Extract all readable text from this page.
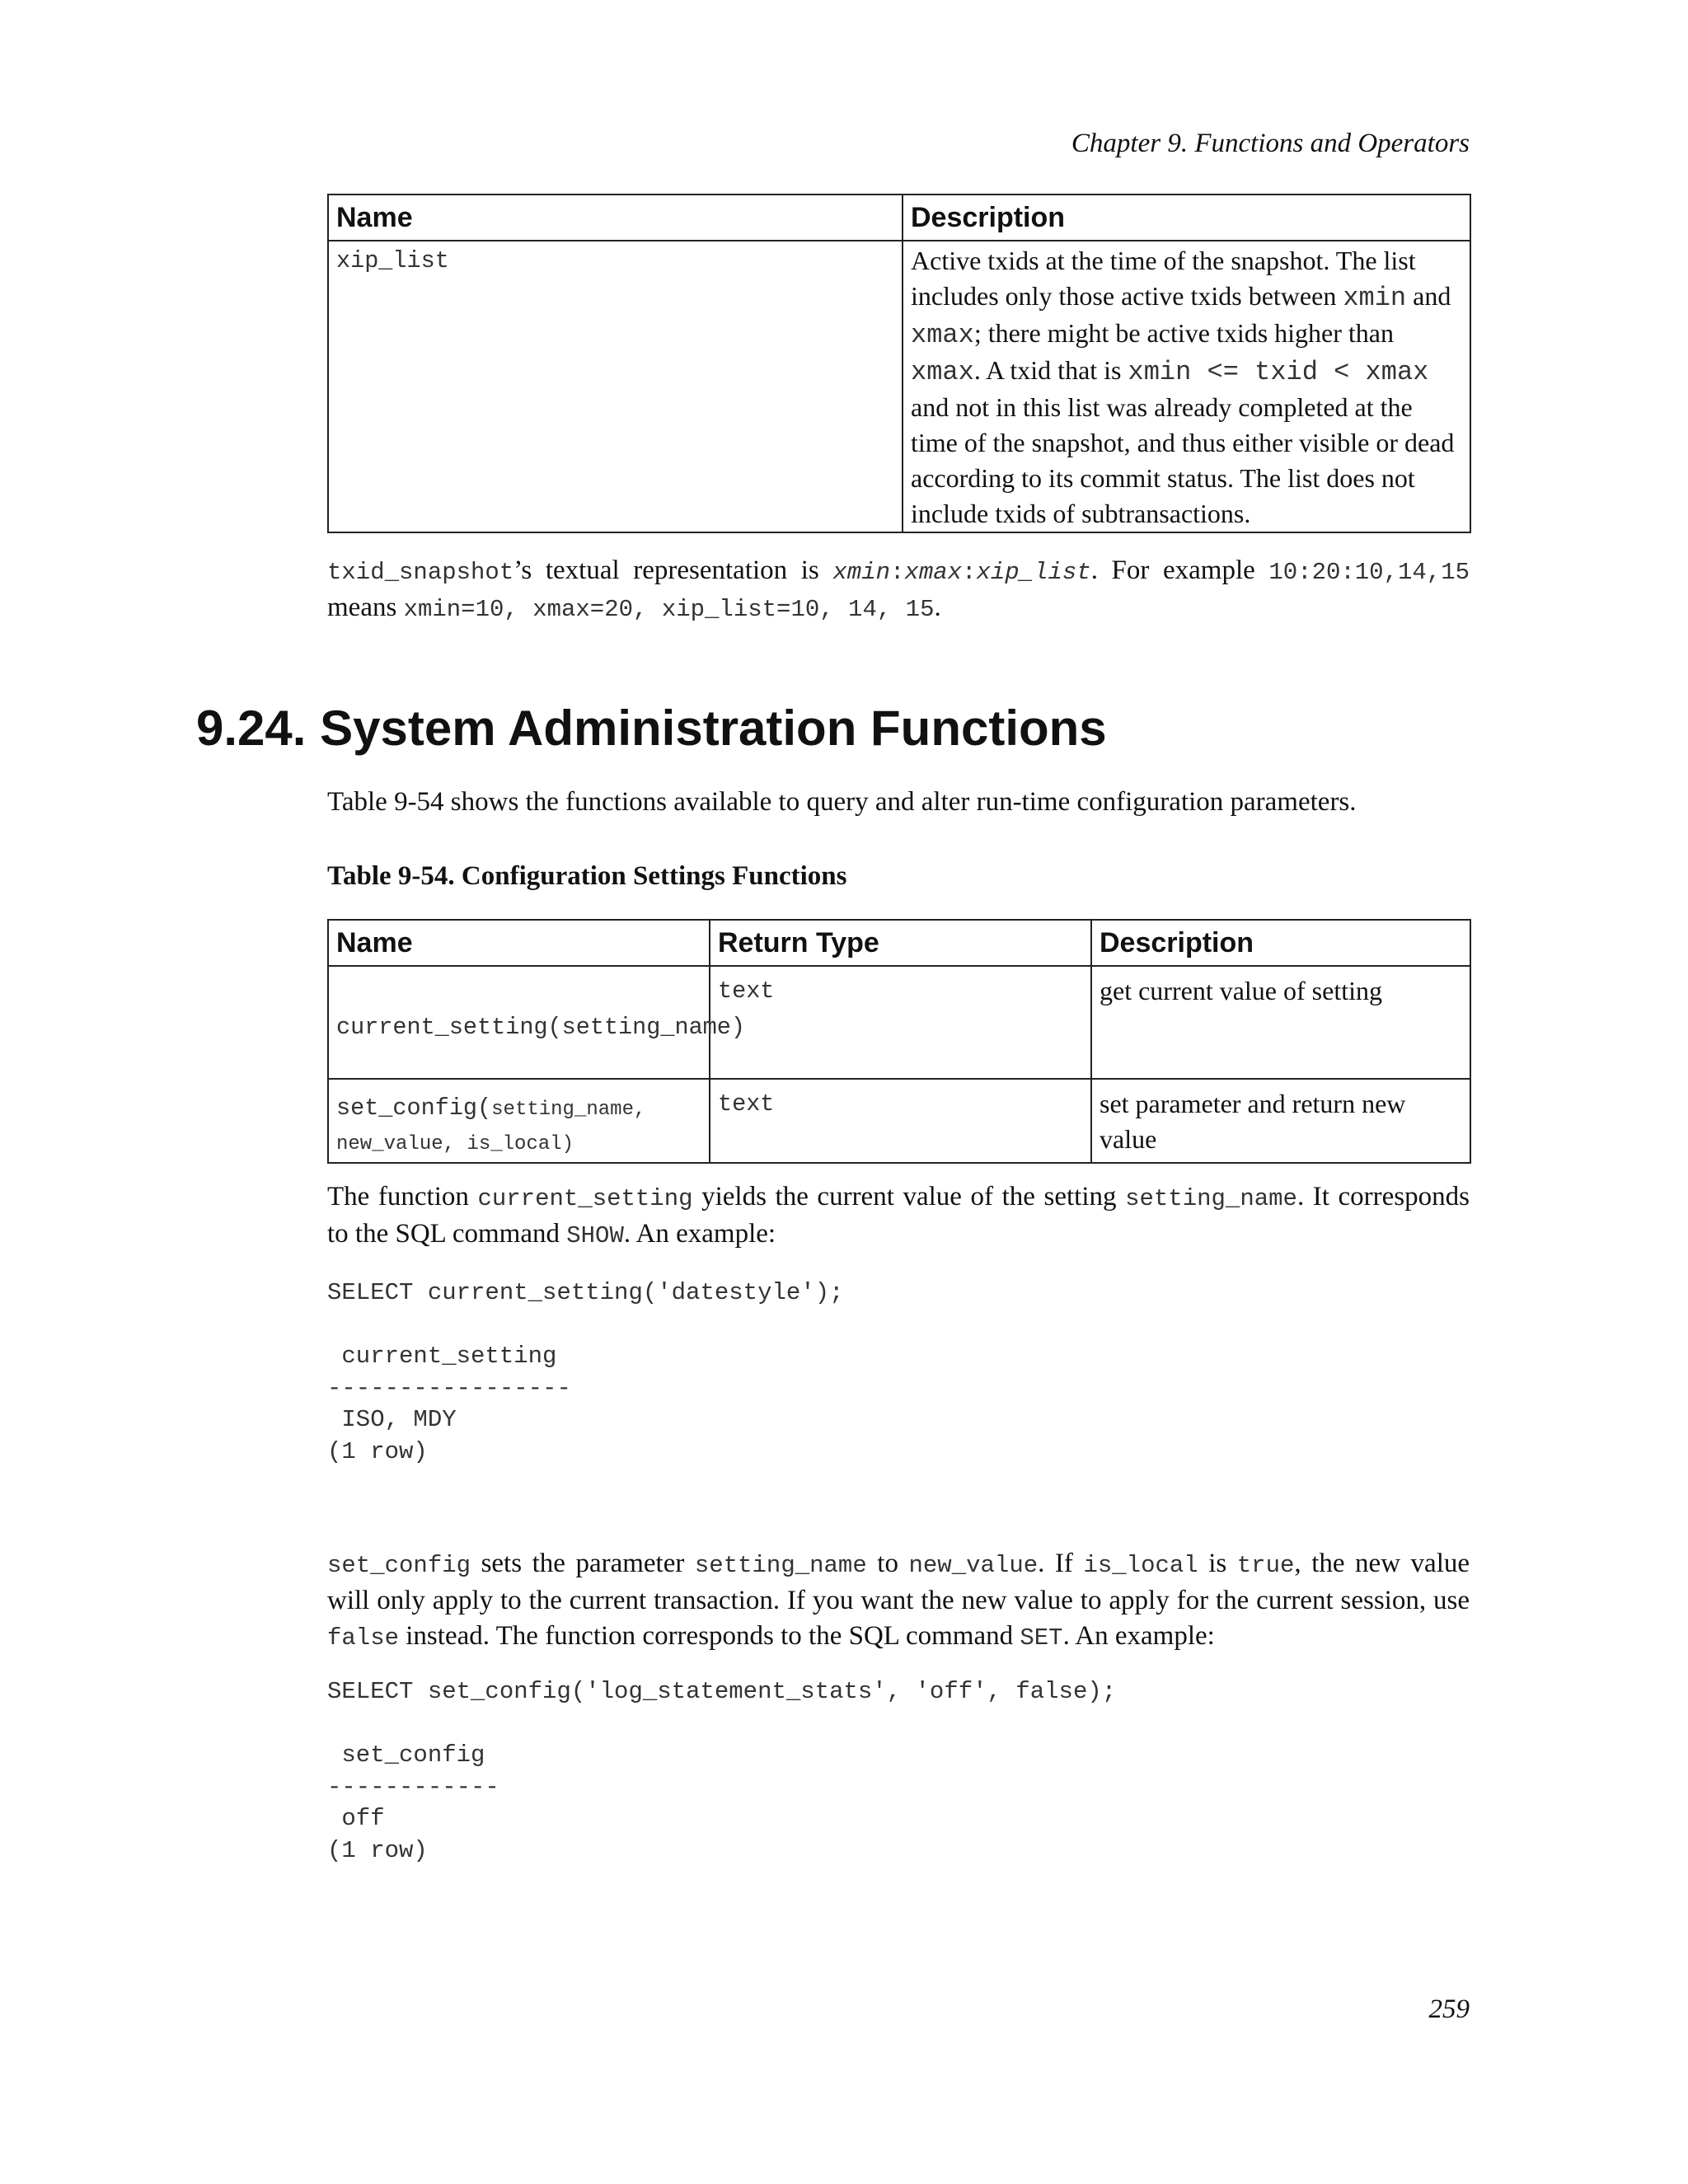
Chapter 9. Functions and Operators
Name	Description
xip_list	Active txids at the time of the snapshot. The list includes only those active txids between xmin and xmax; there might be active txids higher than xmax. A txid that is xmin <= txid < xmax and not in this list was already completed at the time of the snapshot, and thus either visible or dead according to its commit status. The list does not include txids of subtransactions.

txid_snapshot’s textual representation is xmin:xmax:xip_list. For example 10:20:10,14,15 means xmin=10, xmax=20, xip_list=10, 14, 15.

9.24. System Administration Functions

Table 9-54 shows the functions available to query and alter run-time configuration parameters.

Table 9-54. Configuration Settings Functions
Name	Return Type	Description
current_setting(setting_name)	text	get current value of setting
set_config(setting_name, new_value, is_local)	text	set parameter and return new value

The function current_setting yields the current value of the setting setting_name. It corresponds to the SQL command SHOW. An example:

SELECT current_setting('datestyle');

current_setting
-----------------
ISO, MDY
(1 row)

set_config sets the parameter setting_name to new_value. If is_local is true, the new value will only apply to the current transaction. If you want the new value to apply for the current session, use false instead. The function corresponds to the SQL command SET. An example:

SELECT set_config('log_statement_stats', 'off', false);

set_config
------------
off
(1 row)
259
